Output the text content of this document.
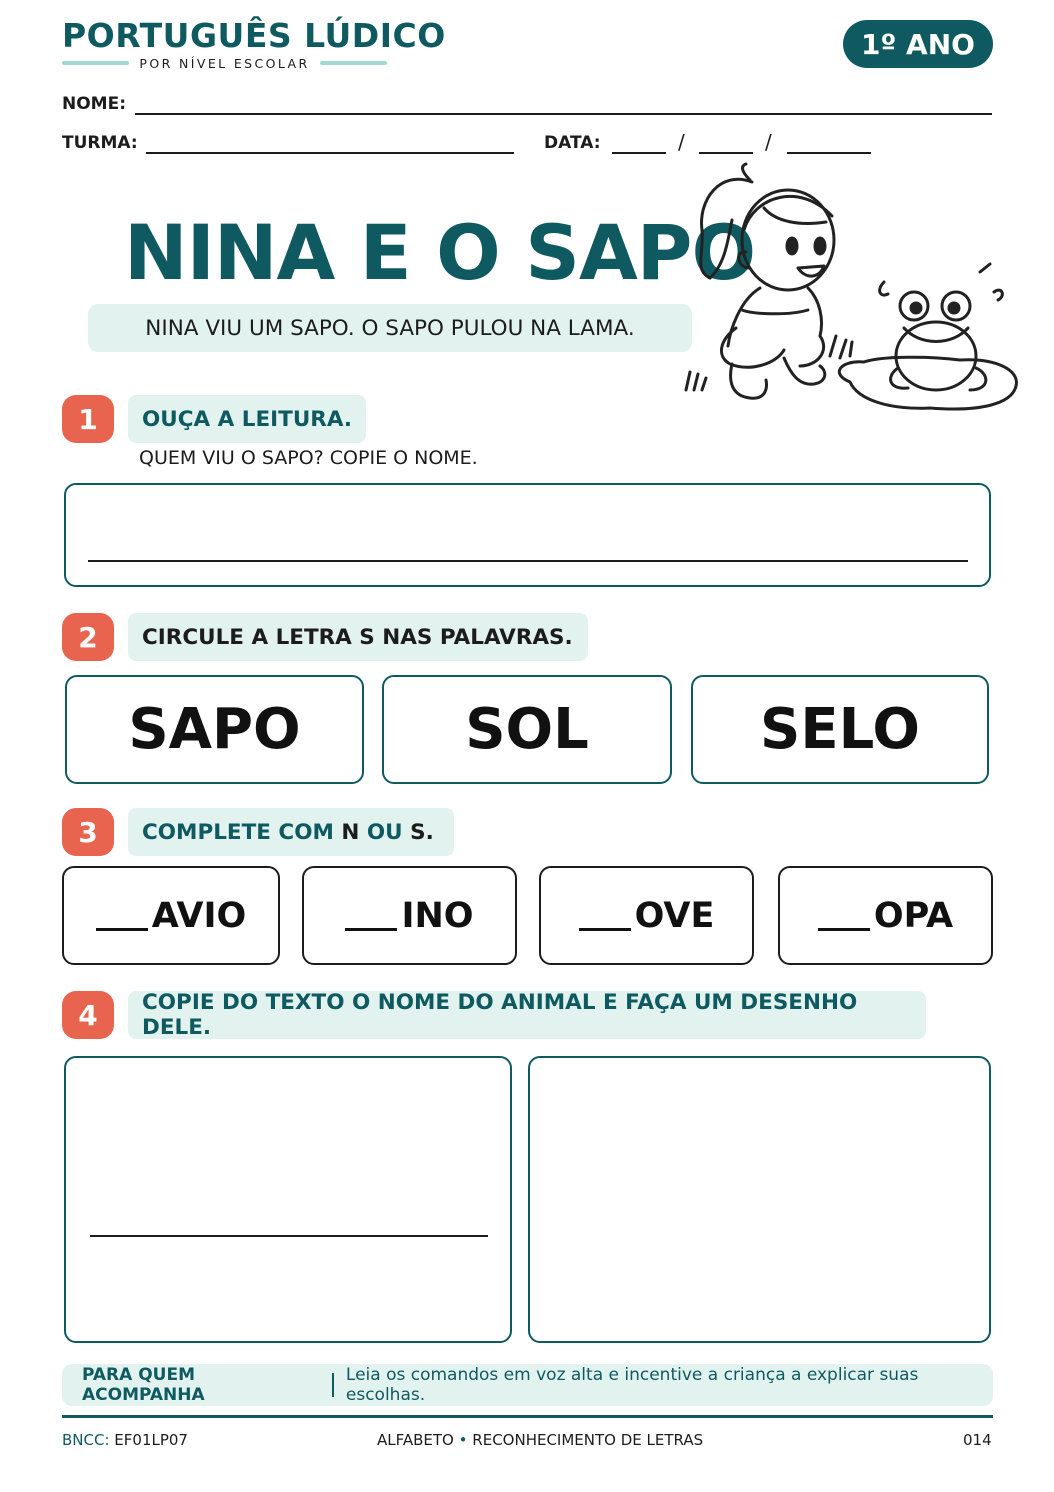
PORTUGUÊS LÚDICO
POR NÍVEL ESCOLAR
1º ANO
NOME:
TURMA:	DATA:	/	/
NINA E O SAPO
NINA VIU UM SAPO. O SAPO PULOU NA LAMA.
1	OUÇA A LEITURA.
QUEM VIU O SAPO? COPIE O NOME.
2	CIRCULE A LETRA S NAS PALAVRAS.
SAPO	SOL	SELO
3	COMPLETE COM N OU S.
AVIO	INO	OVE	OPA
4	COPIE DO TEXTO O NOME DO ANIMAL E FAÇA UM DESENHO DELE.
PARA QUEM ACOMPANHA
Leia os comandos em voz alta e incentive a criança a explicar suas escolhas.
BNCC: EF01LP07	ALFABETO • RECONHECIMENTO DE LETRAS	014
